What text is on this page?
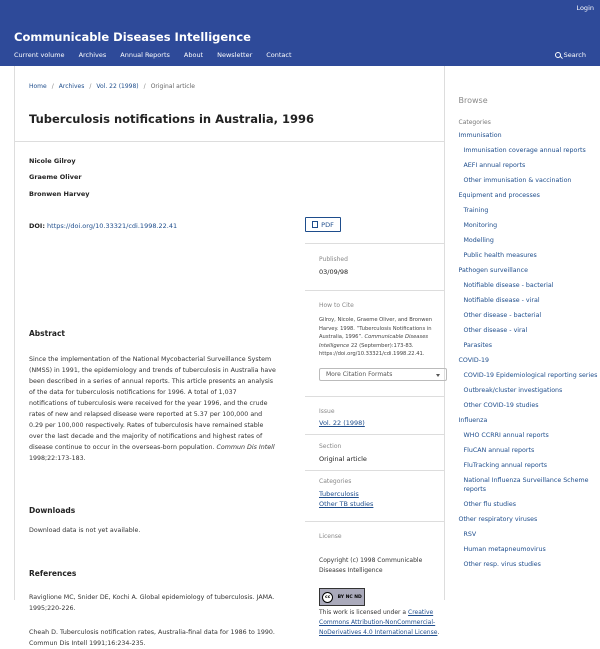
Login
Communicable Diseases Intelligence
Current volume Archives Annual Reports About Newsletter Contact	Search
Home / Archives / Vol. 22 (1998) / Original article
Tuberculosis notifications in Australia, 1996
Nicole Gilroy
Graeme Oliver
Bronwen Harvey
DOI: https://doi.org/10.33321/cdi.1998.22.41
Abstract
Since the implementation of the National Mycobacterial Surveillance System (NMSS) in 1991, the epidemiology and trends of tuberculosis in Australia have been described in a series of annual reports. This article presents an analysis of the data for tuberculosis notifications for 1996. A total of 1,037 notifications of tuberculosis were received for the year 1996, and the crude rates of new and relapsed disease were reported at 5.37 per 100,000 and 0.29 per 100,000 respectively. Rates of tuberculosis have remained stable over the last decade and the majority of notifications and highest rates of disease continue to occur in the overseas-born population. Commun Dis Intell 1998;22:173-183.
Downloads
Download data is not yet available.
References
Raviglione MC, Snider DE, Kochi A. Global epidemiology of tuberculosis. JAMA. 1995;220-226.
Cheah D. Tuberculosis notification rates, Australia-final data for 1986 to 1990. Commun Dis Intell 1991;16:234-235.
PDF
Published
03/09/98
How to Cite
Gilroy, Nicole, Graeme Oliver, and Bronwen Harvey. 1998. “Tuberculosis Notifications in Australia, 1996”. Communicable Diseases Intelligence 22 (September):173-83. https://doi.org/10.33321/cdi.1998.22.41.
More Citation Formats
Issue
Vol. 22 (1998)
Section
Original article
Categories
Tuberculosis
Other TB studies
License
Copyright (c) 1998 Communicable Diseases Intelligence
cc	BY NC ND
This work is licensed under a Creative Commons Attribution-NonCommercial-NoDerivatives 4.0 International License.
Browse
Categories
Immunisation
Immunisation coverage annual reports
AEFI annual reports
Other immunisation & vaccination
Equipment and processes
Training
Monitoring
Modelling
Public health measures
Pathogen surveillance
Notifiable disease - bacterial
Notifiable disease - viral
Other disease - bacterial
Other disease - viral
Parasites
COVID-19
COVID-19 Epidemiological reporting series
Outbreak/cluster investigations
Other COVID-19 studies
Influenza
WHO CCRRI annual reports
FluCAN annual reports
FluTracking annual reports
National Influenza Surveillance Scheme reports
Other flu studies
Other respiratory viruses
RSV
Human metapneumovirus
Other resp. virus studies
